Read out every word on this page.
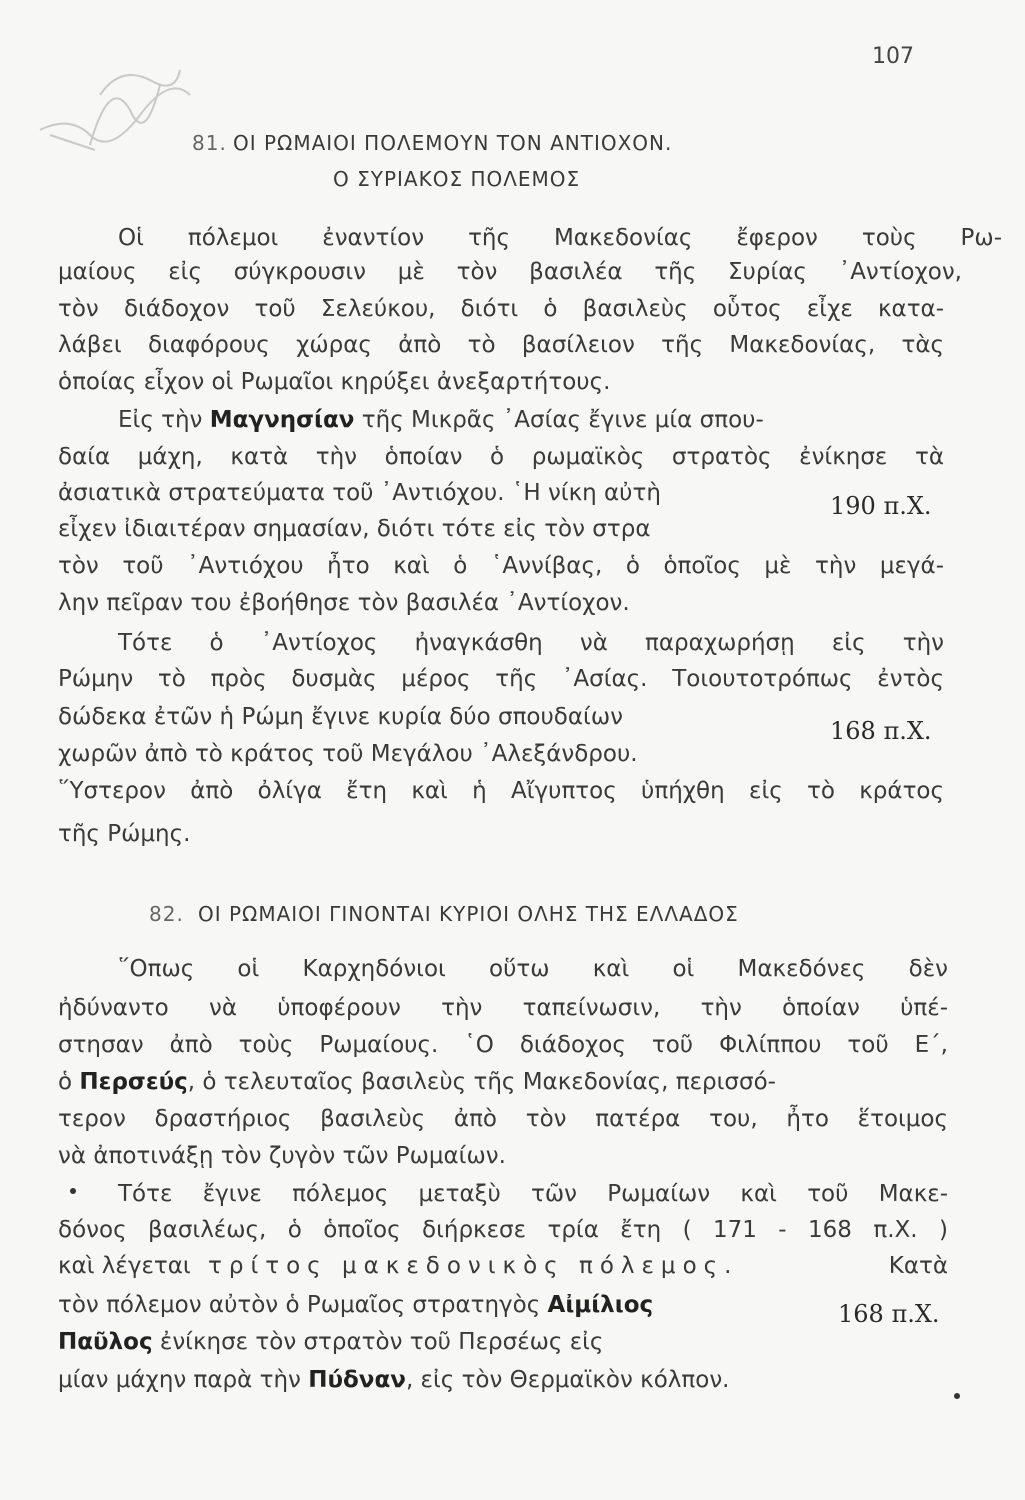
107
81. ΟΙ ΡΩΜΑΙΟΙ ΠΟΛΕΜΟΥΝ ΤΟΝ ΑΝΤΙΟΧΟΝ.
Ο ΣΥΡΙΑΚΟΣ ΠΟΛΕΜΟΣ
Οἱ πόλεμοι ἐναντίον τῆς Μακεδονίας ἔφερον τοὺς Ρω-
μαίους εἰς σύγκρουσιν μὲ τὸν βασιλέα τῆς Συρίας ᾿Αντίοχον,
τὸν διάδοχον τοῦ Σελεύκου, διότι ὁ βασιλεὺς οὗτος εἶχε κατα-
λάβει διαφόρους χώρας ἀπὸ τὸ βασίλειον τῆς Μακεδονίας, τὰς
ὁποίας εἶχον οἱ Ρωμαῖοι κηρύξει ἀνεξαρτήτους.
Εἰς τὴν Μαγνησίαν τῆς Μικρᾶς ᾿Ασίας ἔγινε μία σπου-
δαία μάχη, κατὰ τὴν ὁποίαν ὁ ρωμαϊκὸς στρατὸς ἐνίκησε τὰ
ἀσιατικὰ στρατεύματα τοῦ ᾿Αντιόχου. ῾Η νίκη αὐτὴ
εἶχεν ἰδιαιτέραν σημασίαν, διότι τότε εἰς τὸν στρα
τὸν τοῦ ᾿Αντιόχου ἦτο καὶ ὁ ῾Αννίβας, ὁ ὁποῖος μὲ τὴν μεγά-
λην πεῖραν του ἐβοήθησε τὸν βασιλέα ᾿Αντίοχον.
Τότε ὁ ᾿Αντίοχος ἠναγκάσθη νὰ παραχωρήσῃ εἰς τὴν
Ρώμην τὸ πρὸς δυσμὰς μέρος τῆς ᾿Ασίας. Τοιουτοτρόπως ἐντὸς
δώδεκα ἐτῶν ἡ Ρώμη ἔγινε κυρία δύο σπουδαίων
χωρῶν ἀπὸ τὸ κράτος τοῦ Μεγάλου ᾿Αλεξάνδρου.
῞Υστερον ἀπὸ ὀλίγα ἔτη καὶ ἡ Αἴγυπτος ὑπήχθη εἰς τὸ κράτος
τῆς Ρώμης.
190 π.Χ.
168 π.Χ.
82. ΟΙ ΡΩΜΑΙΟΙ ΓΙΝΟΝΤΑΙ ΚΥΡΙΟΙ ΟΛΗΣ ΤΗΣ ΕΛΛΑΔΟΣ
῞Οπως οἱ Καρχηδόνιοι οὕτω καὶ οἱ Μακεδόνες δὲν
ἠδύναντο νὰ ὑποφέρουν τὴν ταπείνωσιν, τὴν ὁποίαν ὑπέ-
στησαν ἀπὸ τοὺς Ρωμαίους. ῾Ο διάδοχος τοῦ Φιλίππου τοῦ Ε΄,
ὁ Περσεύς, ὁ τελευταῖος βασιλεὺς τῆς Μακεδονίας, περισσό-
τερον δραστήριος βασιλεὺς ἀπὸ τὸν πατέρα του, ἦτο ἕτοιμος
νὰ ἀποτινάξῃ τὸν ζυγὸν τῶν Ρωμαίων.
Τότε ἔγινε πόλεμος μεταξὺ τῶν Ρωμαίων καὶ τοῦ Μακε-
δόνος βασιλέως, ὁ ὁποῖος διήρκεσε τρία ἔτη ( 171 - 168 π.Χ. )
καὶ λέγεται τρίτος μακεδονικὸς πόλεμος.	Κατὰ
τὸν πόλεμον αὐτὸν ὁ Ρωμαῖος στρατηγὸς Αἰμίλιος
Παῦλος ἐνίκησε τὸν στρατὸν τοῦ Περσέως εἰς
μίαν μάχην παρὰ τὴν Πύδναν, εἰς τὸν Θερμαϊκὸν κόλπον.
168 π.Χ.
